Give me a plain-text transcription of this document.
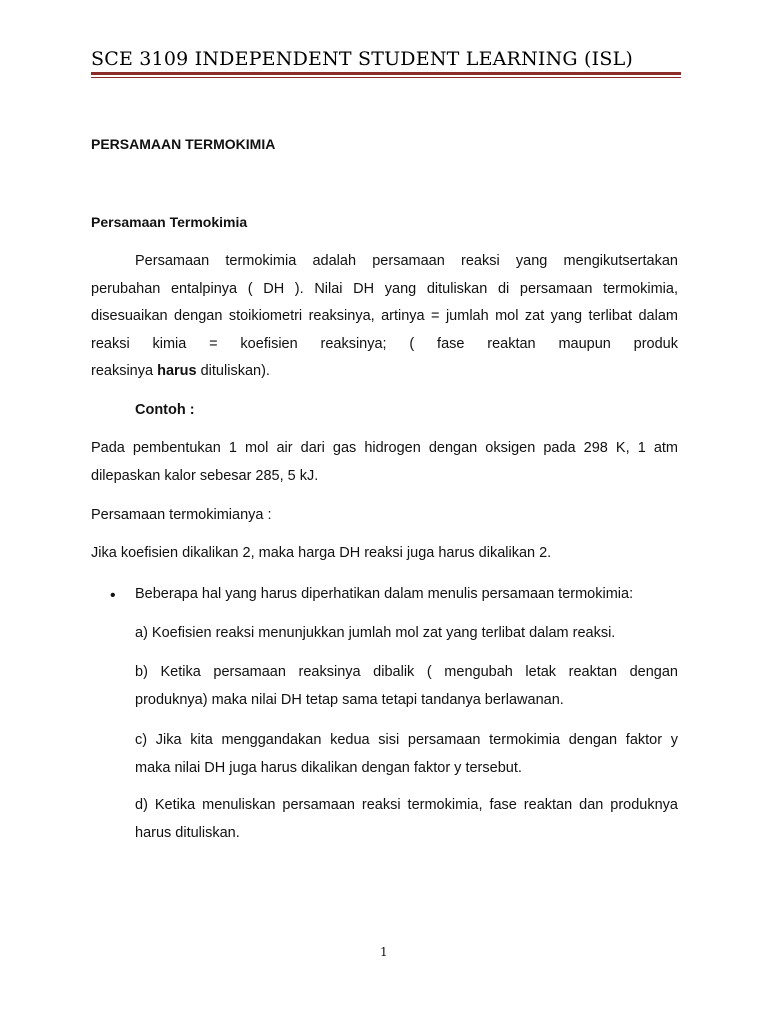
SCE 3109 INDEPENDENT STUDENT LEARNING (ISL)
PERSAMAAN TERMOKIMIA
Persamaan Termokimia
Persamaan termokimia adalah persamaan reaksi yang mengikutsertakan
perubahan entalpinya ( DH ). Nilai DH yang dituliskan di persamaan termokimia,
disesuaikan dengan stoikiometri reaksinya, artinya = jumlah mol zat yang terlibat dalam
reaksi kimia = koefisien reaksinya; ( fase reaktan maupun produk
reaksinya harus dituliskan).
Contoh :
Pada pembentukan 1 mol air dari gas hidrogen dengan oksigen pada 298 K, 1 atm
dilepaskan kalor sebesar 285, 5 kJ.
Persamaan termokimianya :
Jika koefisien dikalikan 2, maka harga DH reaksi juga harus dikalikan 2.
• Beberapa hal yang harus diperhatikan dalam menulis persamaan termokimia:
a) Koefisien reaksi menunjukkan jumlah mol zat yang terlibat dalam reaksi.
b) Ketika persamaan reaksinya dibalik ( mengubah letak reaktan dengan
produknya) maka nilai DH tetap sama tetapi tandanya berlawanan.
c) Jika kita menggandakan kedua sisi persamaan termokimia dengan faktor y
maka nilai DH juga harus dikalikan dengan faktor y tersebut.
d) Ketika menuliskan persamaan reaksi termokimia, fase reaktan dan produknya
harus dituliskan.
1
